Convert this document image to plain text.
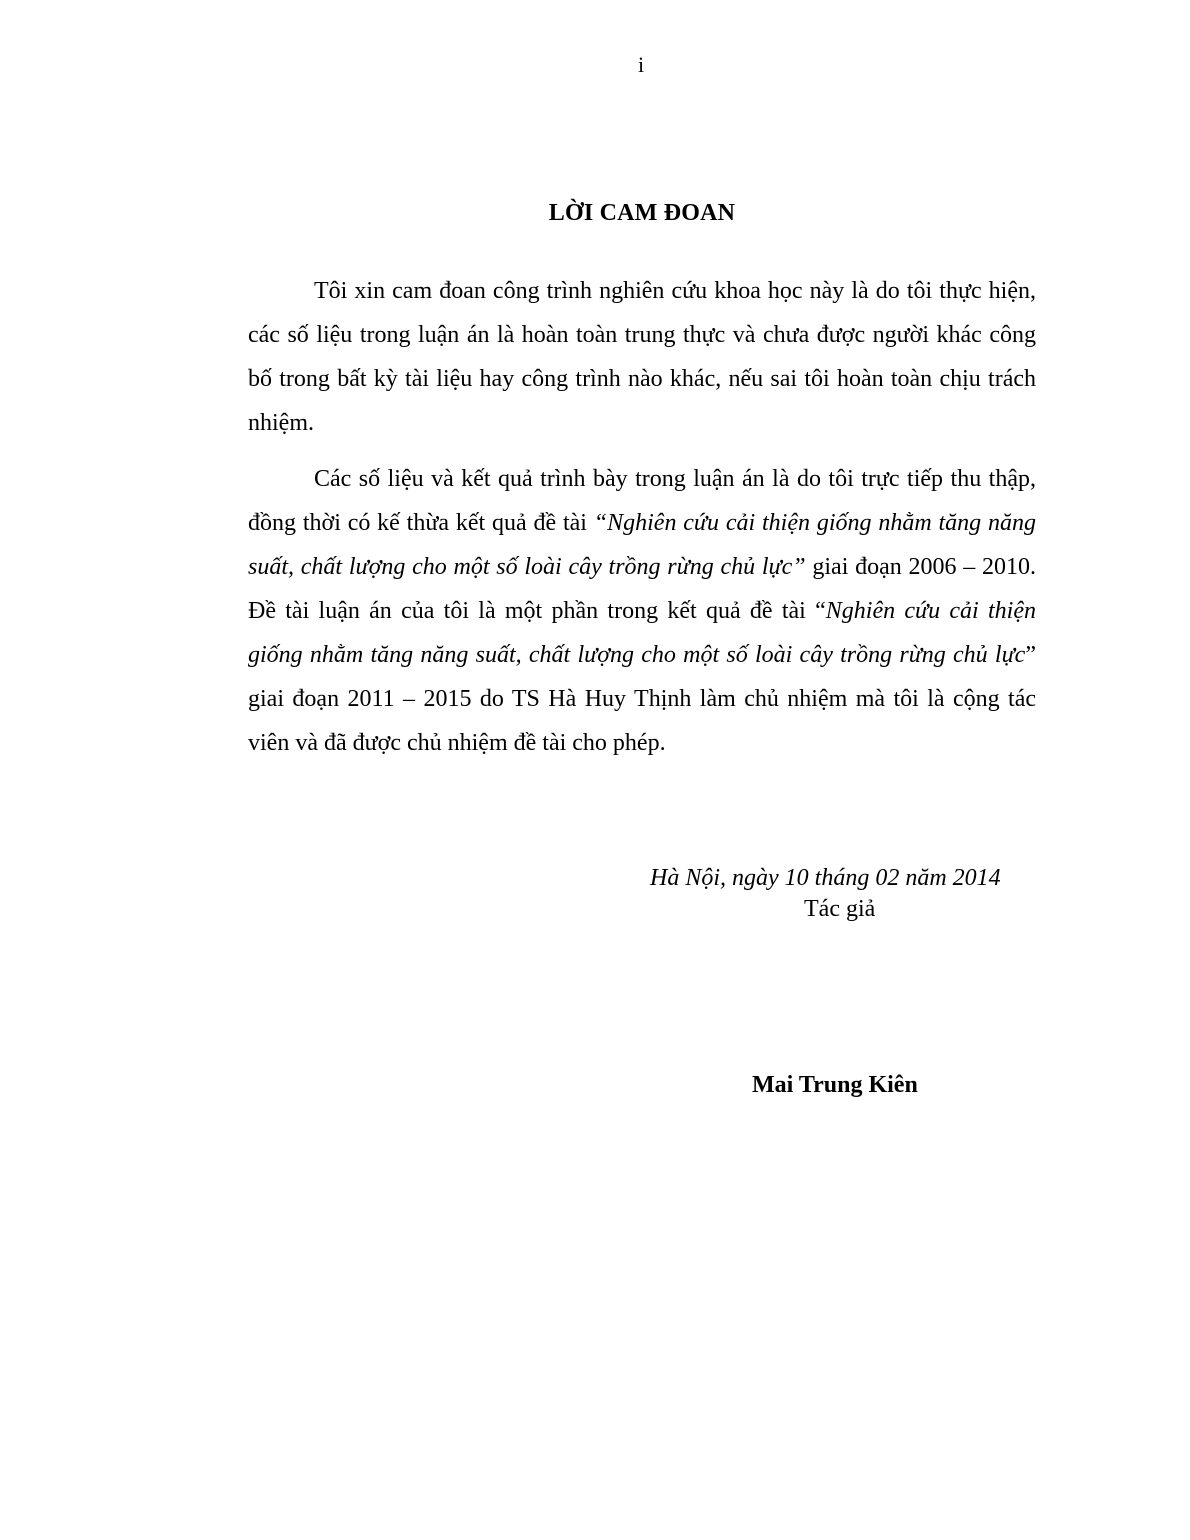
i
LỜI CAM ĐOAN

Tôi xin cam đoan công trình nghiên cứu khoa học này là do tôi thực hiện, các số liệu trong luận án là hoàn toàn trung thực và chưa được người khác công bố trong bất kỳ tài liệu hay công trình nào khác, nếu sai tôi hoàn toàn chịu trách nhiệm.

Các số liệu và kết quả trình bày trong luận án là do tôi trực tiếp thu thập, đồng thời có kế thừa kết quả đề tài “Nghiên cứu cải thiện giống nhằm tăng năng suất, chất lượng cho một số loài cây trồng rừng chủ lực” giai đoạn 2006 – 2010. Đề tài luận án của tôi là một phần trong kết quả đề tài “Nghiên cứu cải thiện giống nhằm tăng năng suất, chất lượng cho một số loài cây trồng rừng chủ lực” giai đoạn 2011 – 2015 do TS Hà Huy Thịnh làm chủ nhiệm mà tôi là cộng tác viên và đã được chủ nhiệm đề tài cho phép.

Hà Nội, ngày 10 tháng 02 năm 2014
Tác giả
Mai Trung Kiên
